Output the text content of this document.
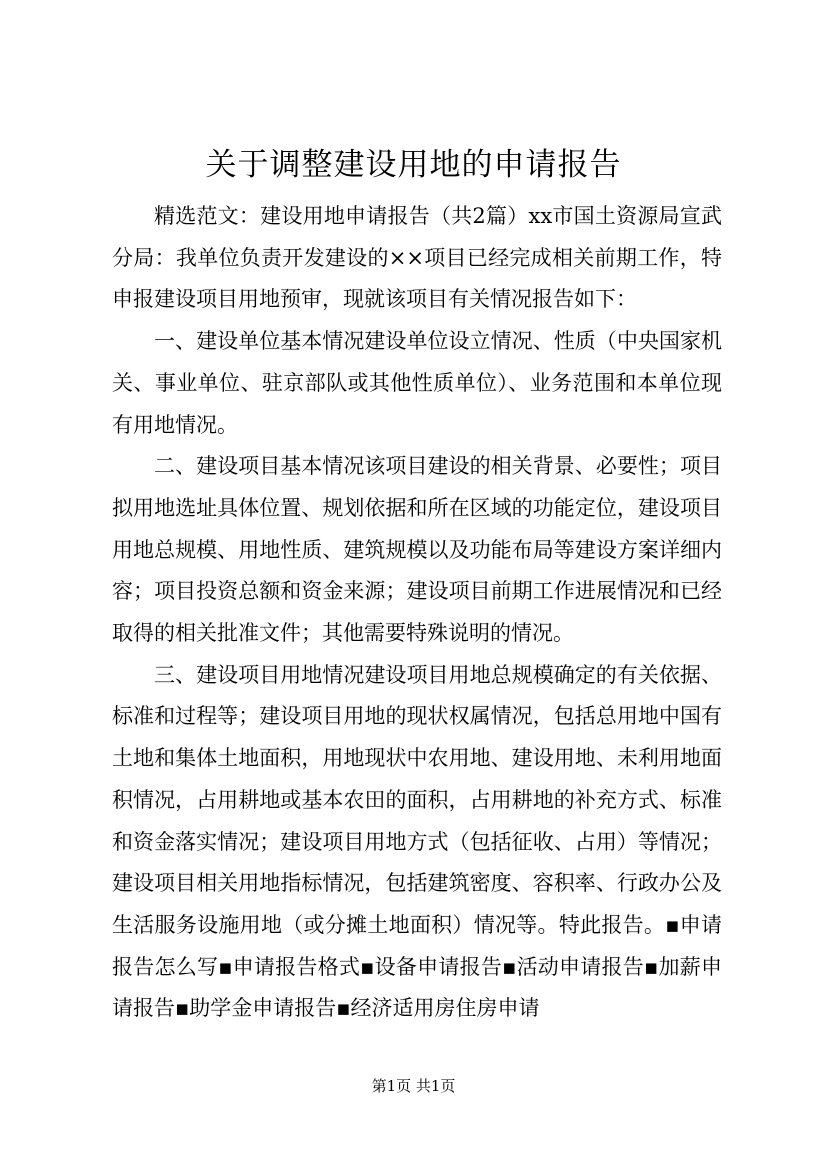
关于调整建设用地的申请报告

精选范文：建设用地申请报告（共2篇）xx市国土资源局宣武分局：我单位负责开发建设的××项目已经完成相关前期工作，特申报建设项目用地预审，现就该项目有关情况报告如下：

一、建设单位基本情况建设单位设立情况、性质（中央国家机关、事业单位、驻京部队或其他性质单位）、业务范围和本单位现有用地情况。

二、建设项目基本情况该项目建设的相关背景、必要性；项目拟用地选址具体位置、规划依据和所在区域的功能定位，建设项目用地总规模、用地性质、建筑规模以及功能布局等建设方案详细内容；项目投资总额和资金来源；建设项目前期工作进展情况和已经取得的相关批准文件；其他需要特殊说明的情况。

三、建设项目用地情况建设项目用地总规模确定的有关依据、标准和过程等；建设项目用地的现状权属情况，包括总用地中国有土地和集体土地面积，用地现状中农用地、建设用地、未利用地面积情况，占用耕地或基本农田的面积，占用耕地的补充方式、标准和资金落实情况；建设项目用地方式（包括征收、占用）等情况；建设项目相关用地指标情况，包括建筑密度、容积率、行政办公及生活服务设施用地（或分摊土地面积）情况等。特此报告。▪申请报告怎么写▪申请报告格式▪设备申请报告▪活动申请报告▪加薪申请报告▪助学金申请报告▪经济适用房住房申请

第1页 共1页
